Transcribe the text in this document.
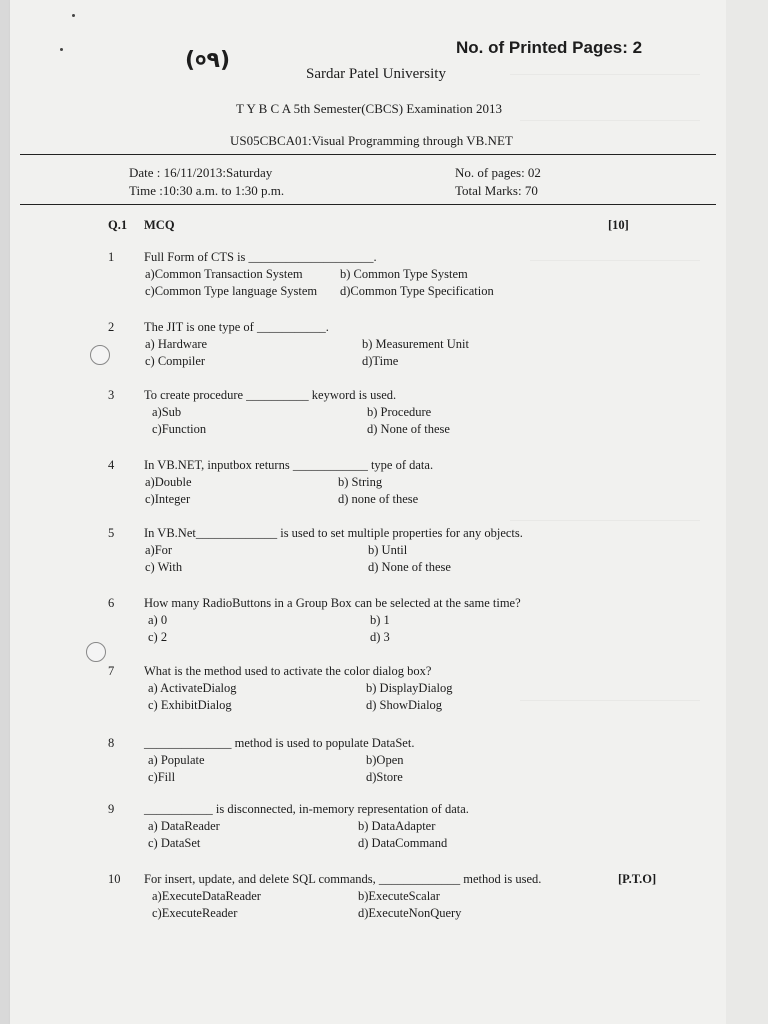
(०٩)
No. of Printed Pages: 2
Sardar Patel University
T Y B C A 5th Semester(CBCS) Examination 2013
US05CBCA01:Visual Programming through VB.NET
Date : 16/11/2013:Saturday
Time :10:30 a.m. to 1:30 p.m.
No. of pages: 02
Total Marks: 70
Q.1 MCQ	[10]
1 Full Form of CTS is ____________________.
a)Common Transaction System	b) Common Type System
c)Common Type language System d)Common Type Specification
2 The JIT is one type of ___________.
a) Hardware	b) Measurement Unit
c) Compiler	d)Time
3 To create procedure __________ keyword is used.
a)Sub	b) Procedure
c)Function	d) None of these
4 In VB.NET, inputbox returns ____________ type of data.
a)Double	b) String
c)Integer	d) none of these
5 In VB.Net_____________ is used to set multiple properties for any objects.
a)For	b) Until
c) With	d) None of these
6 How many RadioButtons in a Group Box can be selected at the same time?
a) 0	b) 1
c) 2	d) 3
7 What is the method used to activate the color dialog box?
a) ActivateDialog	b) DisplayDialog
c) ExhibitDialog	d) ShowDialog
8 ______________ method is used to populate DataSet.
a) Populate	b)Open
c)Fill	d)Store
9 ___________ is disconnected, in-memory representation of data.
a) DataReader	b) DataAdapter
c) DataSet	d) DataCommand
10 For insert, update, and delete SQL commands, _____________ method is used.
a)ExecuteDataReader	b)ExecuteScalar
c)ExecuteReader	d)ExecuteNonQuery
[P.T.O]
